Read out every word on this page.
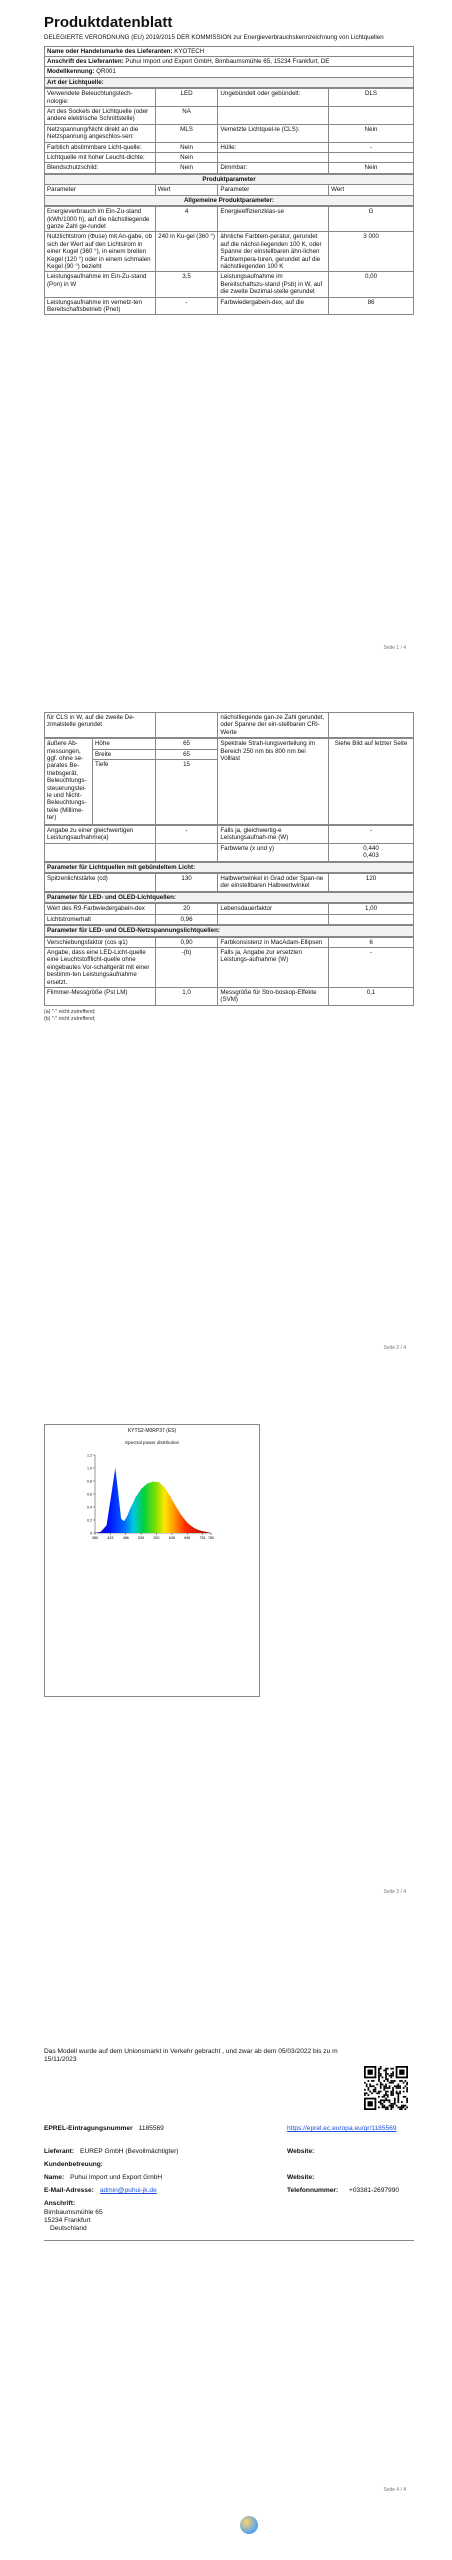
Produktdatenblatt
DELEGIERTE VERORDNUNG (EU) 2019/2015 DER KOMMISSION zur Energieverbrauchskennzeichnung von Lichtquellen
Name oder Handelsmarke des Lieferanten: KYOTECH
Anschrift des Lieferanten: Puhui Import und Export GmbH, Birnbaumsmühle 65, 15234 Frankfurt, DE
Modellkennung: QR001
Art der Lichtquelle:
Verwendete Beleuchtungstech-nologie:	LED	Ungebündelt oder gebündelt:	DLS
Art des Sockels der Lichtquelle (oder andere elektrische Schnittstelle)	NA		
Netzspannung/Nicht direkt an die Netzspannung angeschlos-sen:	MLS	Vernetzte Lichtquel-le (CLS):	Nein
Farblich abstimmbare Licht-quelle:	Nein	Hülle:	-
Lichtquelle mit hoher Leucht-dichte:	Nein		
Blendschutzschild:	Nein	Dimmbar:	Nein
Produktparameter
Parameter	Wert	Parameter	Wert
Allgemeine Produktparameter:
Energieverbrauch im Ein-Zu-stand (kWh/1000 h), auf die nächstliegende ganze Zahl ge-rundet	4	Energieeffizienzklas-se	G
Nutzlichtstrom (Φuse) mit An-gabe, ob sich der Wert auf den Lichtstrom in einer Kugel (360 °), in einem breiten Kegel (120 °) oder in einem schmalen Kegel (90 °) bezieht	240 in Ku-gel (360 °)	ähnliche Farbtem-peratur, gerundet auf die nächst-liegenden 100 K, oder Spanne der einstellbaren ähn-lichen Farbtempera-turen, gerundet auf die nächstliegenden 100 K	3 000
Leistungsaufnahme im Ein-Zu-stand (Pon) in W	3,5	Leistungsaufnahme im Bereitschaftszu-stand (Psb) in W, auf die zweite Dezimal-stelle gerundet	0,00
Leistungsaufnahme im vernetz-ten Bereitschaftsbetrieb (Pnet)	-	Farbwiedergabein-dex, auf die	86
Seite 1 / 4
für CLS in W, auf die zweite De-zimalstelle gerundet		nächstliegende gan-ze Zahl gerundet, oder Spanne der ein-stellbaren CRI-Werte	
äußere Ab-messungen, ggf. ohne se-parates Be-triebsgerät, Beleuchtungs-steuerungstei-le und Nicht-Beleuchtungs-teile (Millime-ter)	Höhe	65	Spektrale Strah-lungsverteilung im Bereich 250 nm bis 800 nm bei Volllast	Siehe Bild auf letzter Seite
	Breite	65		
	Tiefe	15		
Angabe zu einer gleichwertigen Leistungsaufnahme(a)	-	Falls ja, gleichwertig-e Leistungsaufnah-me (W)	-
		Farbwerte (x und y)	0,440
0,403
Parameter für Lichtquellen mit gebündeltem Licht:
Spitzenlichtstärke (cd)	130	Halbwertwinkel in Grad oder Span-ne der einstellbaren Halbwertwinkel	120
Parameter für LED- und OLED-Lichtquellen:
Wert des R9-Farbwiedergabein-dex	20	Lebensdauerfaktor	1,00
Lichtstromerhalt	0,96		
Parameter für LED- und OLED-Netzspannungslichtquellen:
Verschiebungsfaktor (cos φ1)	0,90	Farbkonsistenz in MacAdam-Ellipsen	6
Angabe, dass eine LED-Licht-quelle eine Leuchtstofflicht-quelle ohne eingebautes Vor-schaltgerät mit einer bestimm-ten Leistungsaufnahme ersetzt.	-(b)	Falls ja, Angabe zur ersetzten Leistungs-aufnahme (W)	-
Flimmer-Messgröße (Pst LM)	1,0	Messgröße für Stro-boskop-Effekte (SVM)	0,1
(a) "-" nicht zutreffend;
(b) "-" nicht zutreffend;
Seite 2 / 4
KYTS2-M0RP37 (ES)
Spectral power distribution
0
0.2
0.4
0.6
0.8
1.0
1.2
380	433	486	539	592	645	698	751 780
Seite 3 / 4
Das Modell wurde auf dem Unionsmarkt in Verkehr gebracht , und zwar ab dem 05/03/2022 bis zu m 15/11/2023
EPREL-Eintragungsnummer 1185569	https://eprel.ec.europa.eu/qr/1185569
Lieferant: EUREP GmbH (Bevollmächtigter)	Website:
Kundenbetreuung:
Name: Puhui Import und Export GmbH	Website:
E-Mail-Adresse: admin@puhui-jk.de	Telefonnummer: +03381-2697990
Anschrift:
Birnbaumsmühle 65
15234 Frankfurt
Deutschland
Seite 4 / 4
